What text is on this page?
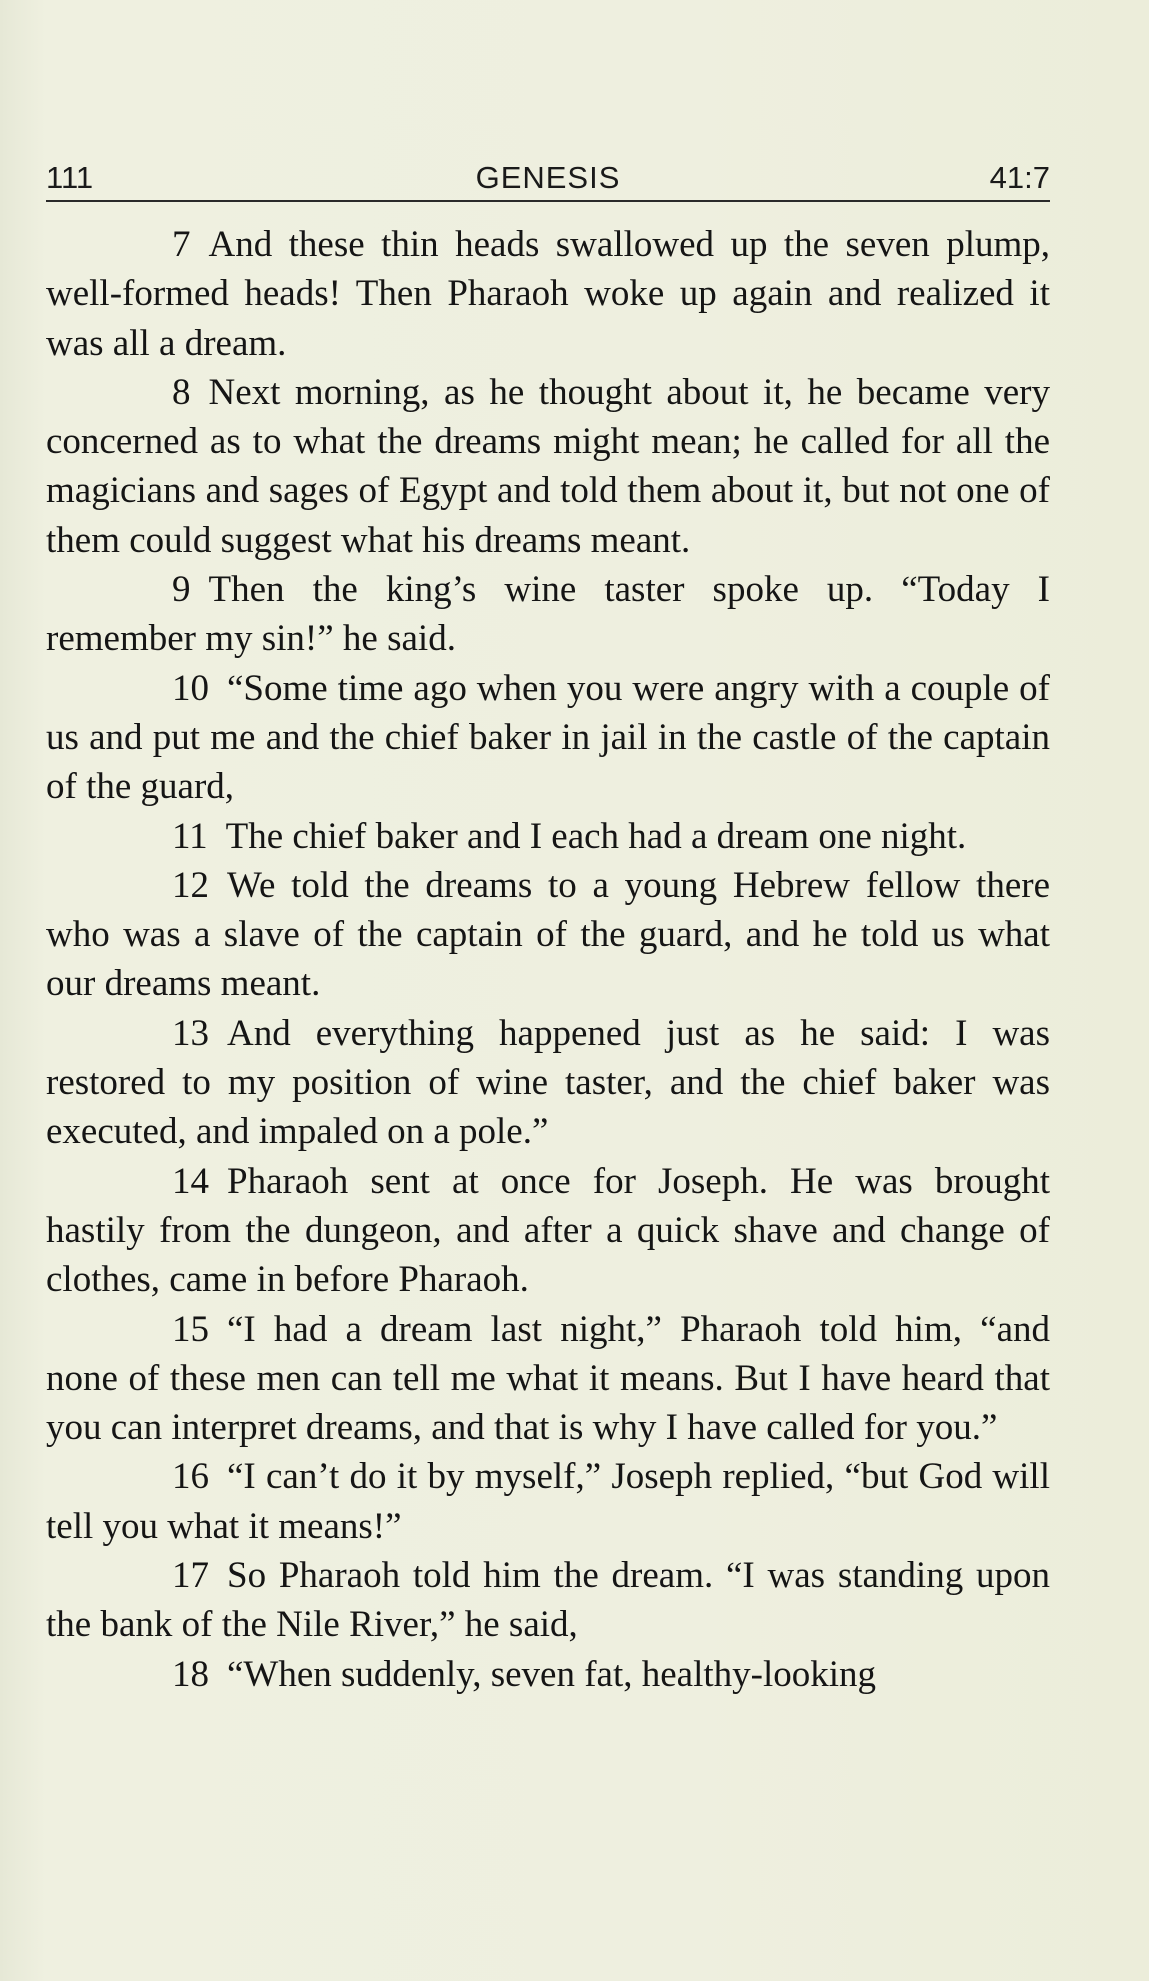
GENESIS
111	41:7

7 And these thin heads swallowed up the seven plump, well-formed heads! Then Pharaoh woke up again and realized it was all a dream.

8 Next morning, as he thought about it, he became very concerned as to what the dreams might mean; he called for all the magicians and sages of Egypt and told them about it, but not one of them could suggest what his dreams meant.

9 Then the king’s wine taster spoke up. “Today I remember my sin!” he said.

10 “Some time ago when you were angry with a couple of us and put me and the chief baker in jail in the castle of the captain of the guard,

11 The chief baker and I each had a dream one night.

12 We told the dreams to a young Hebrew fellow there who was a slave of the captain of the guard, and he told us what our dreams meant.

13 And everything happened just as he said: I was restored to my position of wine taster, and the chief baker was executed, and impaled on a pole.”

14 Pharaoh sent at once for Joseph. He was brought hastily from the dungeon, and after a quick shave and change of clothes, came in before Pharaoh.

15 “I had a dream last night,” Pharaoh told him, “and none of these men can tell me what it means. But I have heard that you can interpret dreams, and that is why I have called for you.”

16 “I can’t do it by myself,” Joseph replied, “but God will tell you what it means!”

17 So Pharaoh told him the dream. “I was standing upon the bank of the Nile River,” he said,

18 “When suddenly, seven fat, healthy-looking
